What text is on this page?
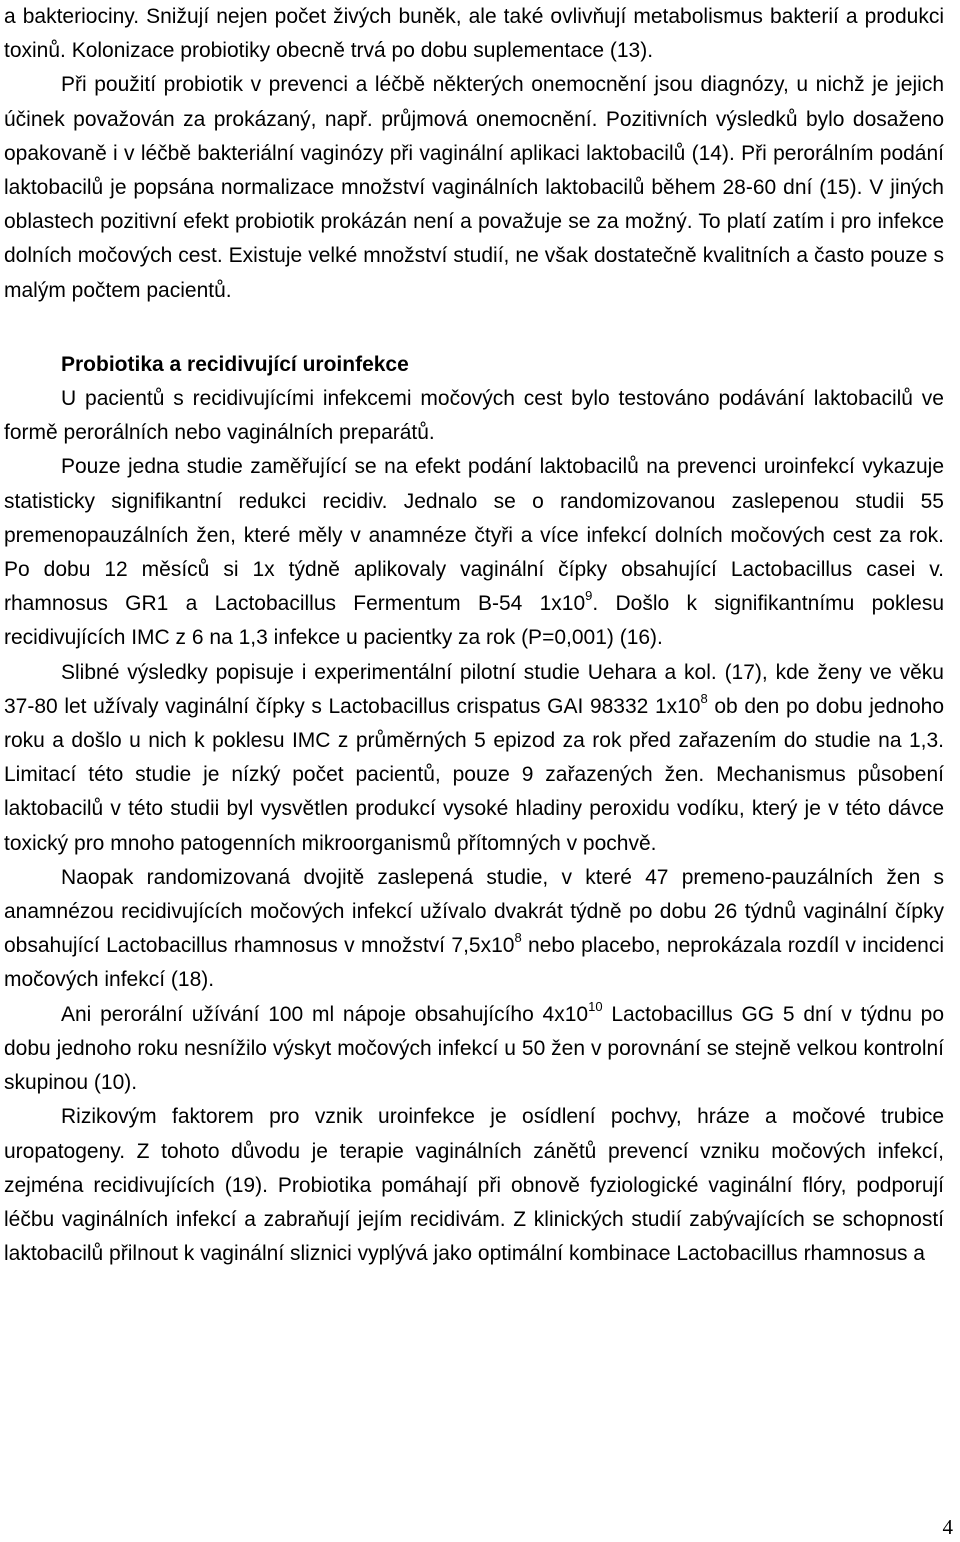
a bakteriociny. Snižují nejen počet živých buněk, ale také ovlivňují metabolismus bakterií a produkci toxinů. Kolonizace probiotiky obecně trvá po dobu suplementace (13).

Při použití probiotik v prevenci a léčbě některých onemocnění jsou diagnózy, u nichž je jejich účinek považován za prokázaný, např. průjmová onemocnění. Pozitivních výsledků bylo dosaženo opakovaně i v léčbě bakteriální vaginózy při vaginální aplikaci laktobacilů (14). Při perorálním podání laktobacilů je popsána normalizace množství vaginálních laktobacilů během 28-60 dní (15). V jiných oblastech pozitivní efekt probiotik prokázán není a považuje se za možný. To platí zatím i pro infekce dolních močových cest. Existuje velké množství studií, ne však dostatečně kvalitních a často pouze s malým počtem pacientů.

Probiotika a recidivující uroinfekce

U pacientů s recidivujícími infekcemi močových cest bylo testováno podávání laktobacilů ve formě perorálních nebo vaginálních preparátů.

Pouze jedna studie zaměřující se na efekt podání laktobacilů na prevenci uroinfekcí vykazuje statisticky signifikantní redukci recidiv. Jednalo se o randomizovanou zaslepenou studii 55 premenopauzálních žen, které měly v anamnéze čtyři a více infekcí dolních močových cest za rok. Po dobu 12 měsíců si 1x týdně aplikovaly vaginální čípky obsahující Lactobacillus casei v. rhamnosus GR1 a Lactobacillus Fermentum B-54 $1x10^9$. Došlo k signifikantnímu poklesu recidivujících IMC z 6 na 1,3 infekce u pacientky za rok (P=0,001) (16).

Slibné výsledky popisuje i experimentální pilotní studie Uehara a kol. (17), kde ženy ve věku 37-80 let užívaly vaginální čípky s Lactobacillus crispatus GAI 98332 $1x10^8$ ob den po dobu jednoho roku a došlo u nich k poklesu IMC z průměrných 5 epizod za rok před zařazením do studie na 1,3. Limitací této studie je nízký počet pacientů, pouze 9 zařazených žen. Mechanismus působení laktobacilů v této studii byl vysvětlen produkcí vysoké hladiny peroxidu vodíku, který je v této dávce toxický pro mnoho patogenních mikroorganismů přítomných v pochvě.

Naopak randomizovaná dvojitě zaslepená studie, v které 47 premeno-pauzálních žen s anamnézou recidivujících močových infekcí užívalo dvakrát týdně po dobu 26 týdnů vaginální čípky obsahující Lactobacillus rhamnosus v množství $7,5x10^8$ nebo placebo, neprokázala rozdíl v incidenci močových infekcí (18).

Ani perorální užívání 100 ml nápoje obsahujícího $4x10^{10}$ Lactobacillus GG 5 dní v týdnu po dobu jednoho roku nesnížilo výskyt močových infekcí u 50 žen v porovnání se stejně velkou kontrolní skupinou (10).

Rizikovým faktorem pro vznik uroinfekce je osídlení pochvy, hráze a močové trubice uropatogeny. Z tohoto důvodu je terapie vaginálních zánětů prevencí vzniku močových infekcí, zejména recidivujících (19). Probiotika pomáhají při obnově fyziologické vaginální flóry, podporují léčbu vaginálních infekcí a zabraňují jejím recidivám. Z klinických studií zabývajících se schopností laktobacilů přilnout k vaginální sliznici vyplývá jako optimální kombinace Lactobacillus rhamnosus a

4
